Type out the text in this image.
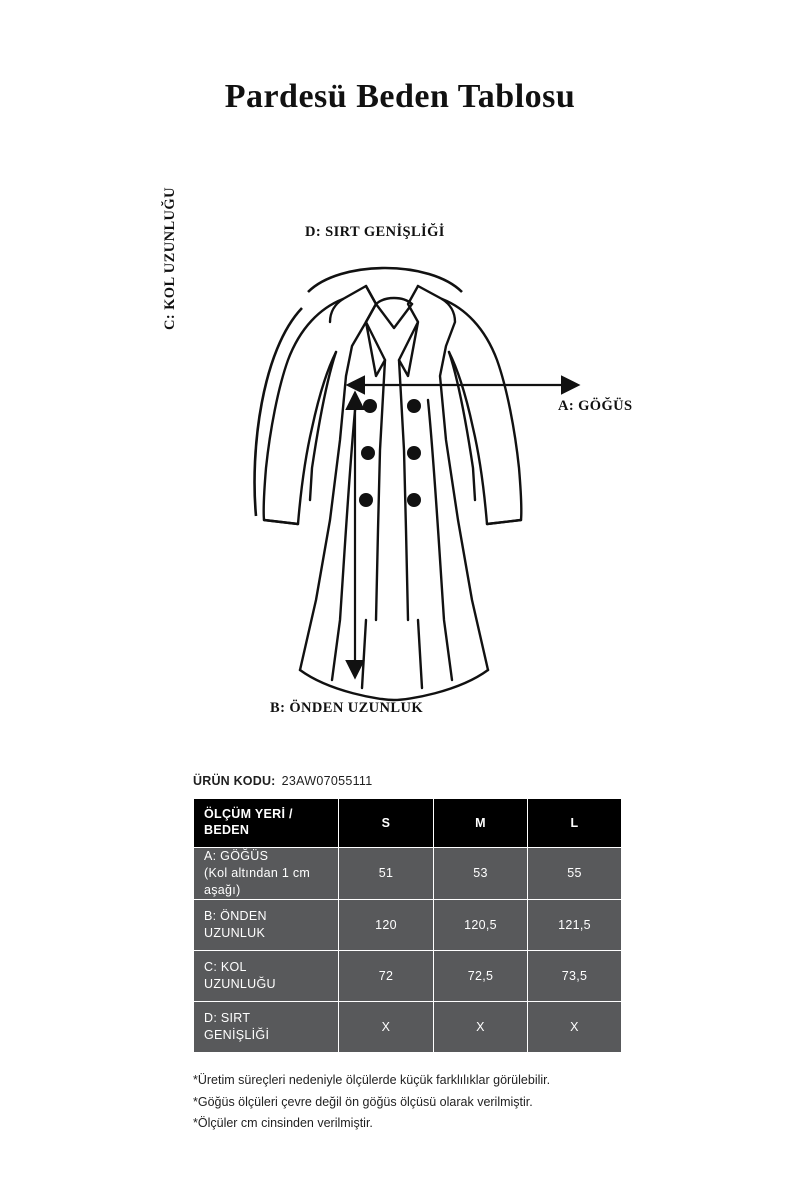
Pardesü Beden Tablosu
D: SIRT GENİŞLİĞİ
A: GÖĞÜS
B: ÖNDEN UZUNLUK
C: KOL UZUNLUĞU
ÜRÜN KODU: 23AW07055111
ÖLÇÜM YERİ /
BEDEN	S	M	L

A: GÖĞÜS
(Kol altından 1 cm
aşağı)	51	53	55

B: ÖNDEN
UZUNLUK	120	120,5	121,5

C: KOL
UZUNLUĞU	72	72,5	73,5

D: SIRT
GENİŞLİĞİ	X	X	X
*Üretim süreçleri nedeniyle ölçülerde küçük farklılıklar görülebilir.
*Göğüs ölçüleri çevre değil ön göğüs ölçüsü olarak verilmiştir.
*Ölçüler cm cinsinden verilmiştir.
